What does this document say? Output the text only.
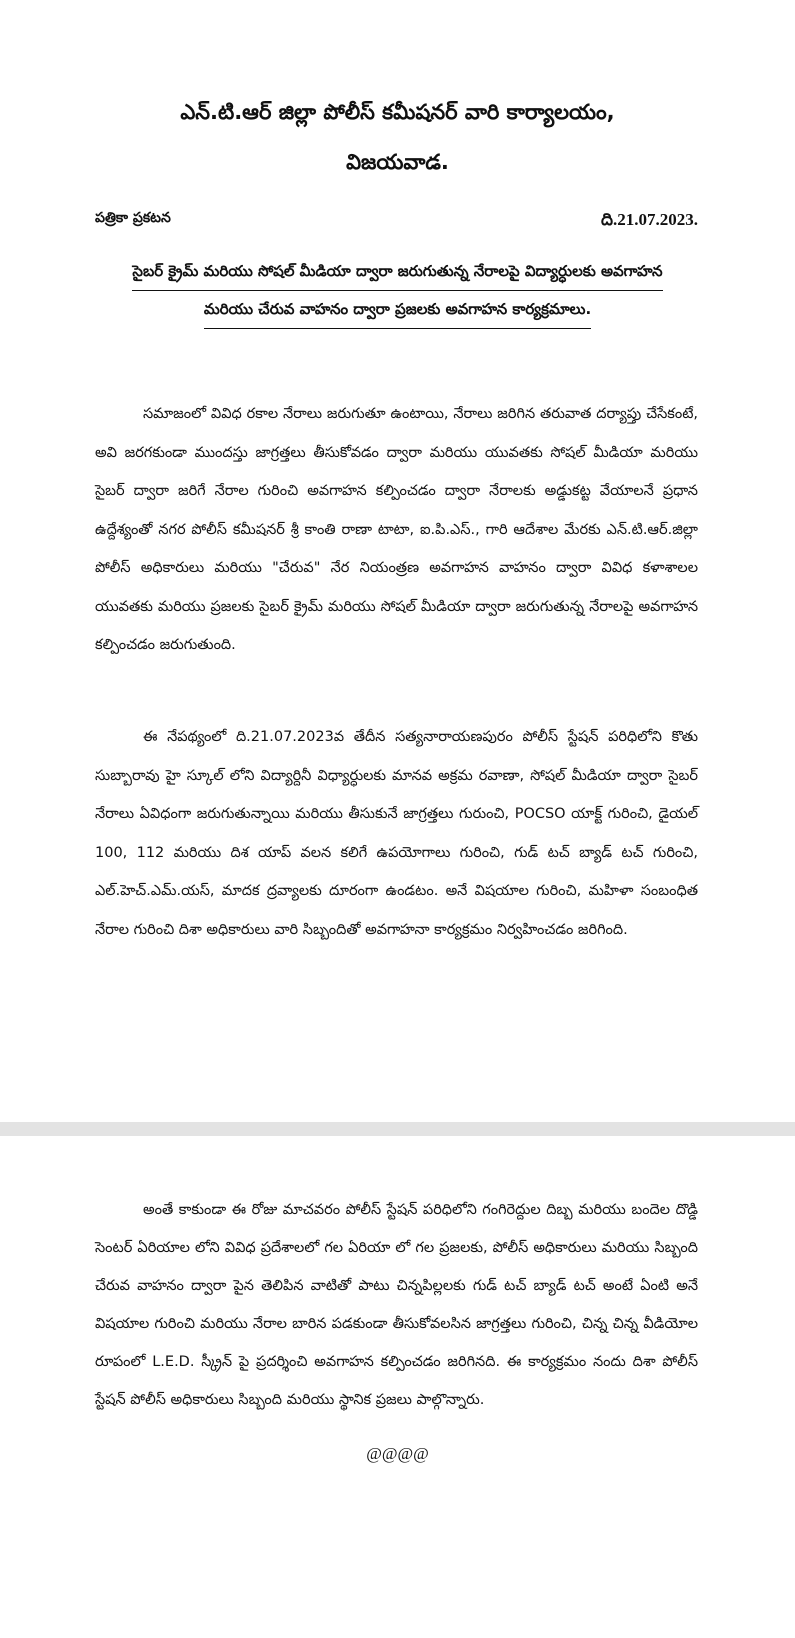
ఎన్.టి.ఆర్ జిల్లా పోలీస్ కమీషనర్ వారి కార్యాలయం,
విజయవాడ.
పత్రికా ప్రకటన	ది.21.07.2023.
సైబర్ క్రైమ్ మరియు సోషల్ మీడియా ద్వారా జరుగుతున్న నేరాలపై విద్యార్ధులకు అవగాహన
మరియు చేరువ వాహనం ద్వారా ప్రజలకు అవగాహన కార్యక్రమాలు.

సమాజంలో వివిధ రకాల నేరాలు జరుగుతూ ఉంటాయి, నేరాలు జరిగిన తరువాత దర్యాప్తు చేసేకంటే, అవి జరగకుండా ముందస్తు జాగ్రత్తలు తీసుకోవడం ద్వారా మరియు యువతకు సోషల్ మీడియా మరియు సైబర్ ద్వారా జరిగే నేరాల గురించి అవగాహన కల్పించడం ద్వారా నేరాలకు అడ్డుకట్ట వేయాలనే ప్రధాన ఉద్దేశ్యంతో నగర పోలీస్ కమీషనర్ శ్రీ కాంతి రాణా టాటా, ఐ.పి.ఎస్., గారి ఆదేశాల మేరకు ఎన్.టి.ఆర్.జిల్లా పోలీస్ అధికారులు మరియు "చేరువ" నేర నియంత్రణ అవగాహన వాహనం ద్వారా వివిధ కళాశాలల యువతకు మరియు ప్రజలకు సైబర్ క్రైమ్ మరియు సోషల్ మీడియా ద్వారా జరుగుతున్న నేరాలపై అవగాహన కల్పించడం జరుగుతుంది.

ఈ నేపథ్యంలో ది.21.07.2023వ తేదీన సత్యనారాయణపురం పోలీస్ స్టేషన్ పరిధిలోని కొతు సుబ్బారావు హై స్కూల్ లోని విద్యార్దినీ విధ్యార్ధులకు మానవ అక్రమ రవాణా, సోషల్ మీడియా ద్వారా సైబర్ నేరాలు ఏవిధంగా జరుగుతున్నాయి మరియు తీసుకునే జాగ్రత్తలు గురుంచి, POCSO యాక్ట్ గురించి, డైయల్ 100, 112 మరియు దిశ యాప్ వలన కలిగే ఉపయోగాలు గురించి, గుడ్ టచ్ బ్యాడ్ టచ్ గురించి, ఎల్.హెచ్.ఎమ్.యస్, మాదక ద్రవ్యాలకు దూరంగా ఉండటం. అనే విషయాల గురించి, మహిళా సంబంధిత నేరాల గురించి దిశా అధికారులు వారి సిబ్బందితో అవగాహనా కార్యక్రమం నిర్వహించడం జరిగింది.

అంతే కాకుండా ఈ రోజు మాచవరం పోలీస్ స్టేషన్ పరిధిలోని గంగిరెద్దుల దిబ్బ మరియు బందెల దొడ్డి సెంటర్ ఏరియాల లోని వివిధ ప్రదేశాలలో గల ఏరియా లో గల ప్రజలకు, పోలీస్ అధికారులు మరియు సిబ్బంది చేరువ వాహనం ద్వారా పైన తెలిపిన వాటితో పాటు చిన్నపిల్లలకు గుడ్ టచ్ బ్యాడ్ టచ్ అంటే ఏంటి అనే విషయాల గురించి మరియు నేరాల బారిన పడకుండా తీసుకోవలసిన జాగ్రత్తలు గురించి, చిన్న చిన్న వీడియోల రూపంలో L.E.D. స్క్రీన్ పై ప్రదర్శించి అవగాహన కల్పించడం జరిగినది. ఈ కార్యక్రమం నందు దిశా పోలీస్ స్టేషన్ పోలీస్ అధికారులు సిబ్బంది మరియు స్థానిక ప్రజలు పాల్గొన్నారు.

@@@@
